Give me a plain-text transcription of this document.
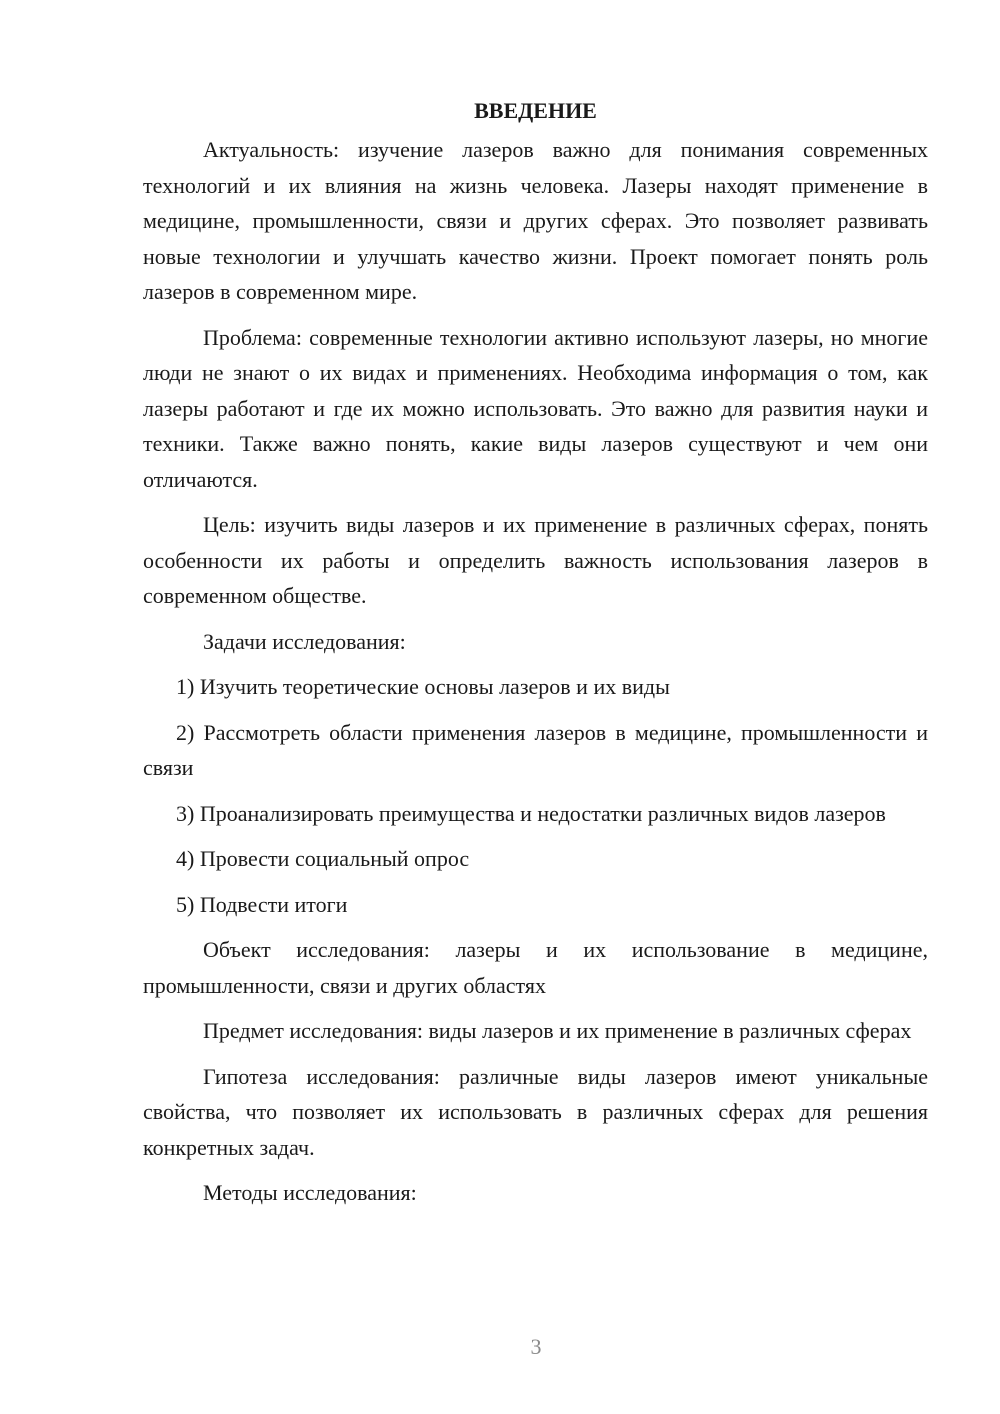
ВВЕДЕНИЕ

Актуальность: изучение лазеров важно для понимания современных технологий и их влияния на жизнь человека. Лазеры находят применение в медицине, промышленности, связи и других сферах. Это позволяет развивать новые технологии и улучшать качество жизни. Проект помогает понять роль лазеров в современном мире.

Проблема: современные технологии активно используют лазеры, но многие люди не знают о их видах и применениях. Необходима информация о том, как лазеры работают и где их можно использовать. Это важно для развития науки и техники. Также важно понять, какие виды лазеров существуют и чем они отличаются.

Цель: изучить виды лазеров и их применение в различных сферах, понять особенности их работы и определить важность использования лазеров в современном обществе.

Задачи исследования:

1) Изучить теоретические основы лазеров и их виды

2) Рассмотреть области применения лазеров в медицине, промышленности и связи

3) Проанализировать преимущества и недостатки различных видов лазеров

4) Провести социальный опрос

5) Подвести итоги

Объект исследования: лазеры и их использование в медицине, промышленности, связи и других областях

Предмет исследования: виды лазеров и их применение в различных сферах

Гипотеза исследования: различные виды лазеров имеют уникальные свойства, что позволяет их использовать в различных сферах для решения конкретных задач.

Методы исследования:

3
